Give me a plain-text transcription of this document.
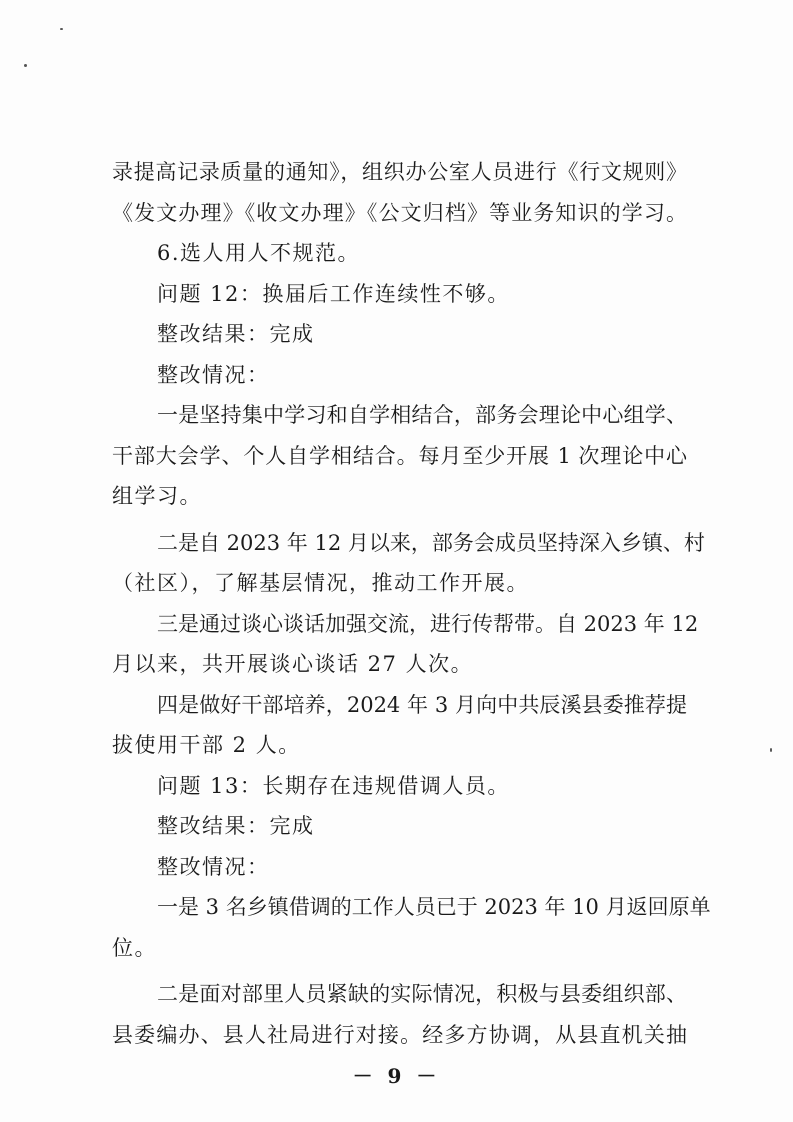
录提高记录质量的通知》，组织办公室人员进行《行文规则》
《发文办理》《收文办理》《公文归档》等业务知识的学习。
6.选人用人不规范。
问题 12：换届后工作连续性不够。
整改结果：完成
整改情况：
一是坚持集中学习和自学相结合，部务会理论中心组学、
干部大会学、个人自学相结合。每月至少开展 1 次理论中心
组学习。
二是自 2023 年 12 月以来，部务会成员坚持深入乡镇、村
（社区），了解基层情况，推动工作开展。
三是通过谈心谈话加强交流，进行传帮带。自 2023 年 12
月以来，共开展谈心谈话 27 人次。
四是做好干部培养，2024 年 3 月向中共辰溪县委推荐提
拔使用干部 2 人。
问题 13：长期存在违规借调人员。
整改结果：完成
整改情况：
一是 3 名乡镇借调的工作人员已于 2023 年 10 月返回原单
位。
二是面对部里人员紧缺的实际情况，积极与县委组织部、
县委编办、县人社局进行对接。经多方协调，从县直机关抽
－ 9 －
